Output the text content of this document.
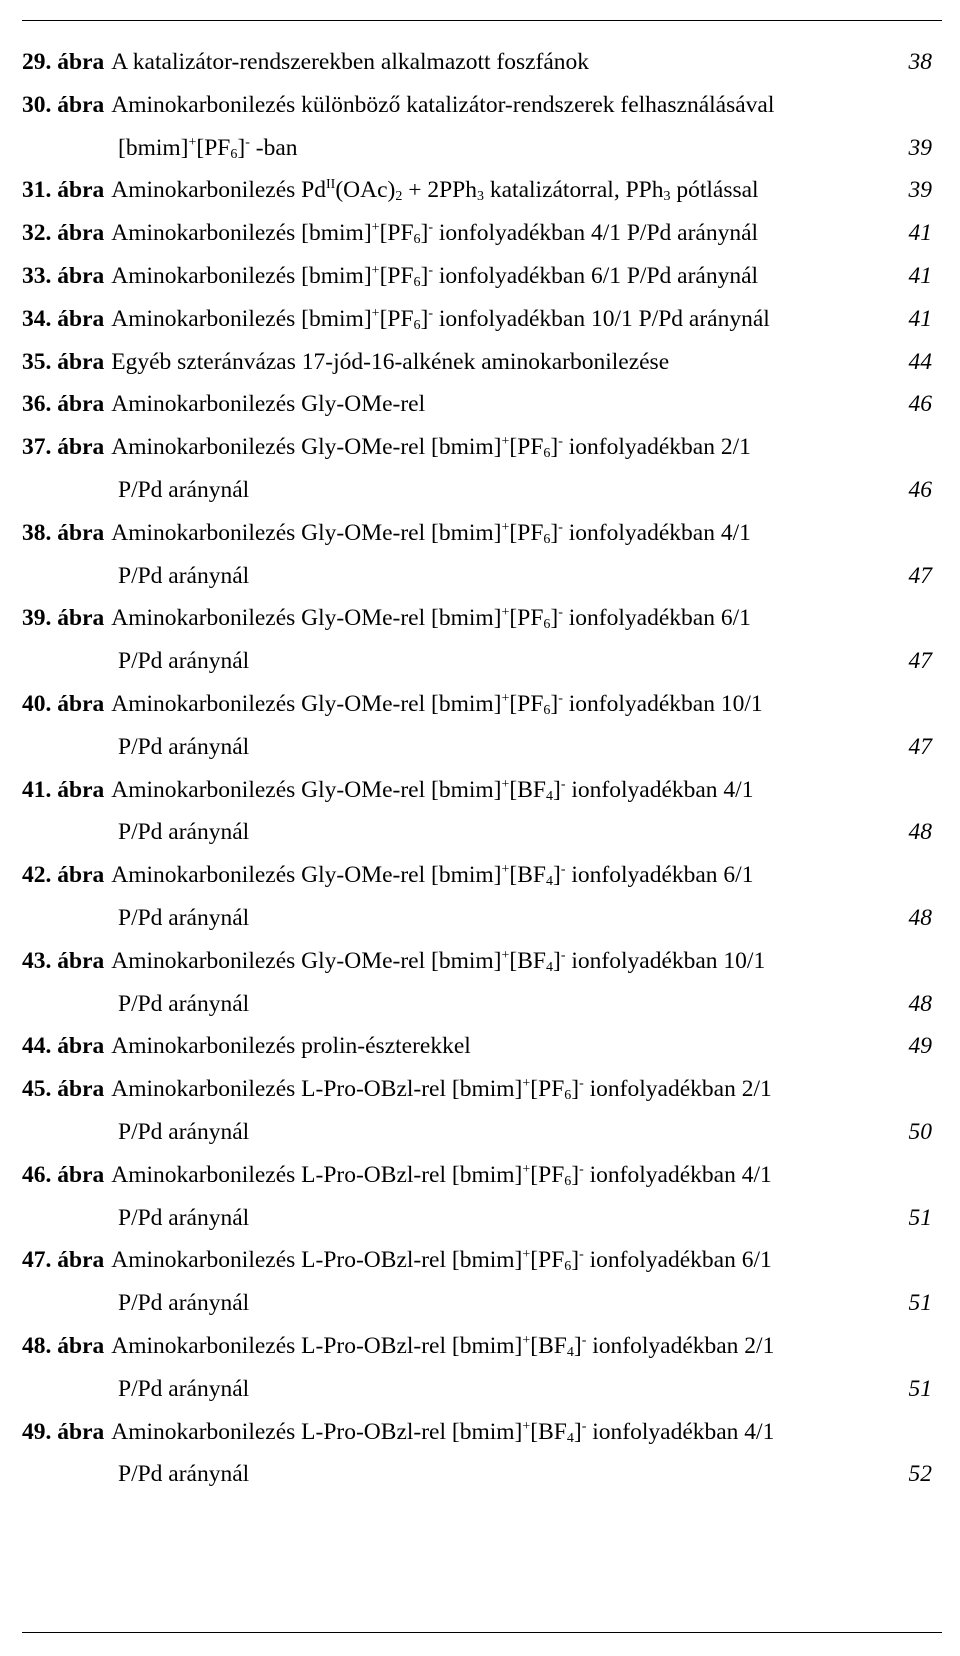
29. ábra A katalizátor-rendszerekben alkalmazott foszfánok	38
30. ábra Aminokarbonilezés különböző katalizátor-rendszerek felhasználásával
$[bmim]^+[PF_6]^-$ -ban	39
31. ábra Aminokarbonilezés $Pd^{II}(OAc)_2 + 2PPh_3$ katalizátorral, PPh$_3$ pótlással	39
32. ábra Aminokarbonilezés $[bmim]^+[PF_6]^-$ ionfolyadékban 4/1 P/Pd aránynál	41
33. ábra Aminokarbonilezés $[bmim]^+[PF_6]^-$ ionfolyadékban 6/1 P/Pd aránynál	41
34. ábra Aminokarbonilezés $[bmim]^+[PF_6]^-$ ionfolyadékban 10/1 P/Pd aránynál	41
35. ábra Egyéb szteránvázas 17-jód-16-alkének aminokarbonilezése	44
36. ábra Aminokarbonilezés Gly-OMe-rel	46
37. ábra Aminokarbonilezés Gly-OMe-rel $[bmim]^+[PF_6]^-$ ionfolyadékban 2/1
P/Pd aránynál	46
38. ábra Aminokarbonilezés Gly-OMe-rel $[bmim]^+[PF_6]^-$ ionfolyadékban 4/1
P/Pd aránynál	47
39. ábra Aminokarbonilezés Gly-OMe-rel $[bmim]^+[PF_6]^-$ ionfolyadékban 6/1
P/Pd aránynál	47
40. ábra Aminokarbonilezés Gly-OMe-rel $[bmim]^+[PF_6]^-$ ionfolyadékban 10/1
P/Pd aránynál	47
41. ábra Aminokarbonilezés Gly-OMe-rel $[bmim]^+[BF_4]^-$ ionfolyadékban 4/1
P/Pd aránynál	48
42. ábra Aminokarbonilezés Gly-OMe-rel $[bmim]^+[BF_4]^-$ ionfolyadékban 6/1
P/Pd aránynál	48
43. ábra Aminokarbonilezés Gly-OMe-rel $[bmim]^+[BF_4]^-$ ionfolyadékban 10/1
P/Pd aránynál	48
44. ábra Aminokarbonilezés prolin-észterekkel	49
45. ábra Aminokarbonilezés L-Pro-OBzl-rel $[bmim]^+[PF_6]^-$ ionfolyadékban 2/1
P/Pd aránynál	50
46. ábra Aminokarbonilezés L-Pro-OBzl-rel $[bmim]^+[PF_6]^-$ ionfolyadékban 4/1
P/Pd aránynál	51
47. ábra Aminokarbonilezés L-Pro-OBzl-rel $[bmim]^+[PF_6]^-$ ionfolyadékban 6/1
P/Pd aránynál	51
48. ábra Aminokarbonilezés L-Pro-OBzl-rel $[bmim]^+[BF_4]^-$ ionfolyadékban 2/1
P/Pd aránynál	51
49. ábra Aminokarbonilezés L-Pro-OBzl-rel $[bmim]^+[BF_4]^-$ ionfolyadékban 4/1
P/Pd aránynál	52
